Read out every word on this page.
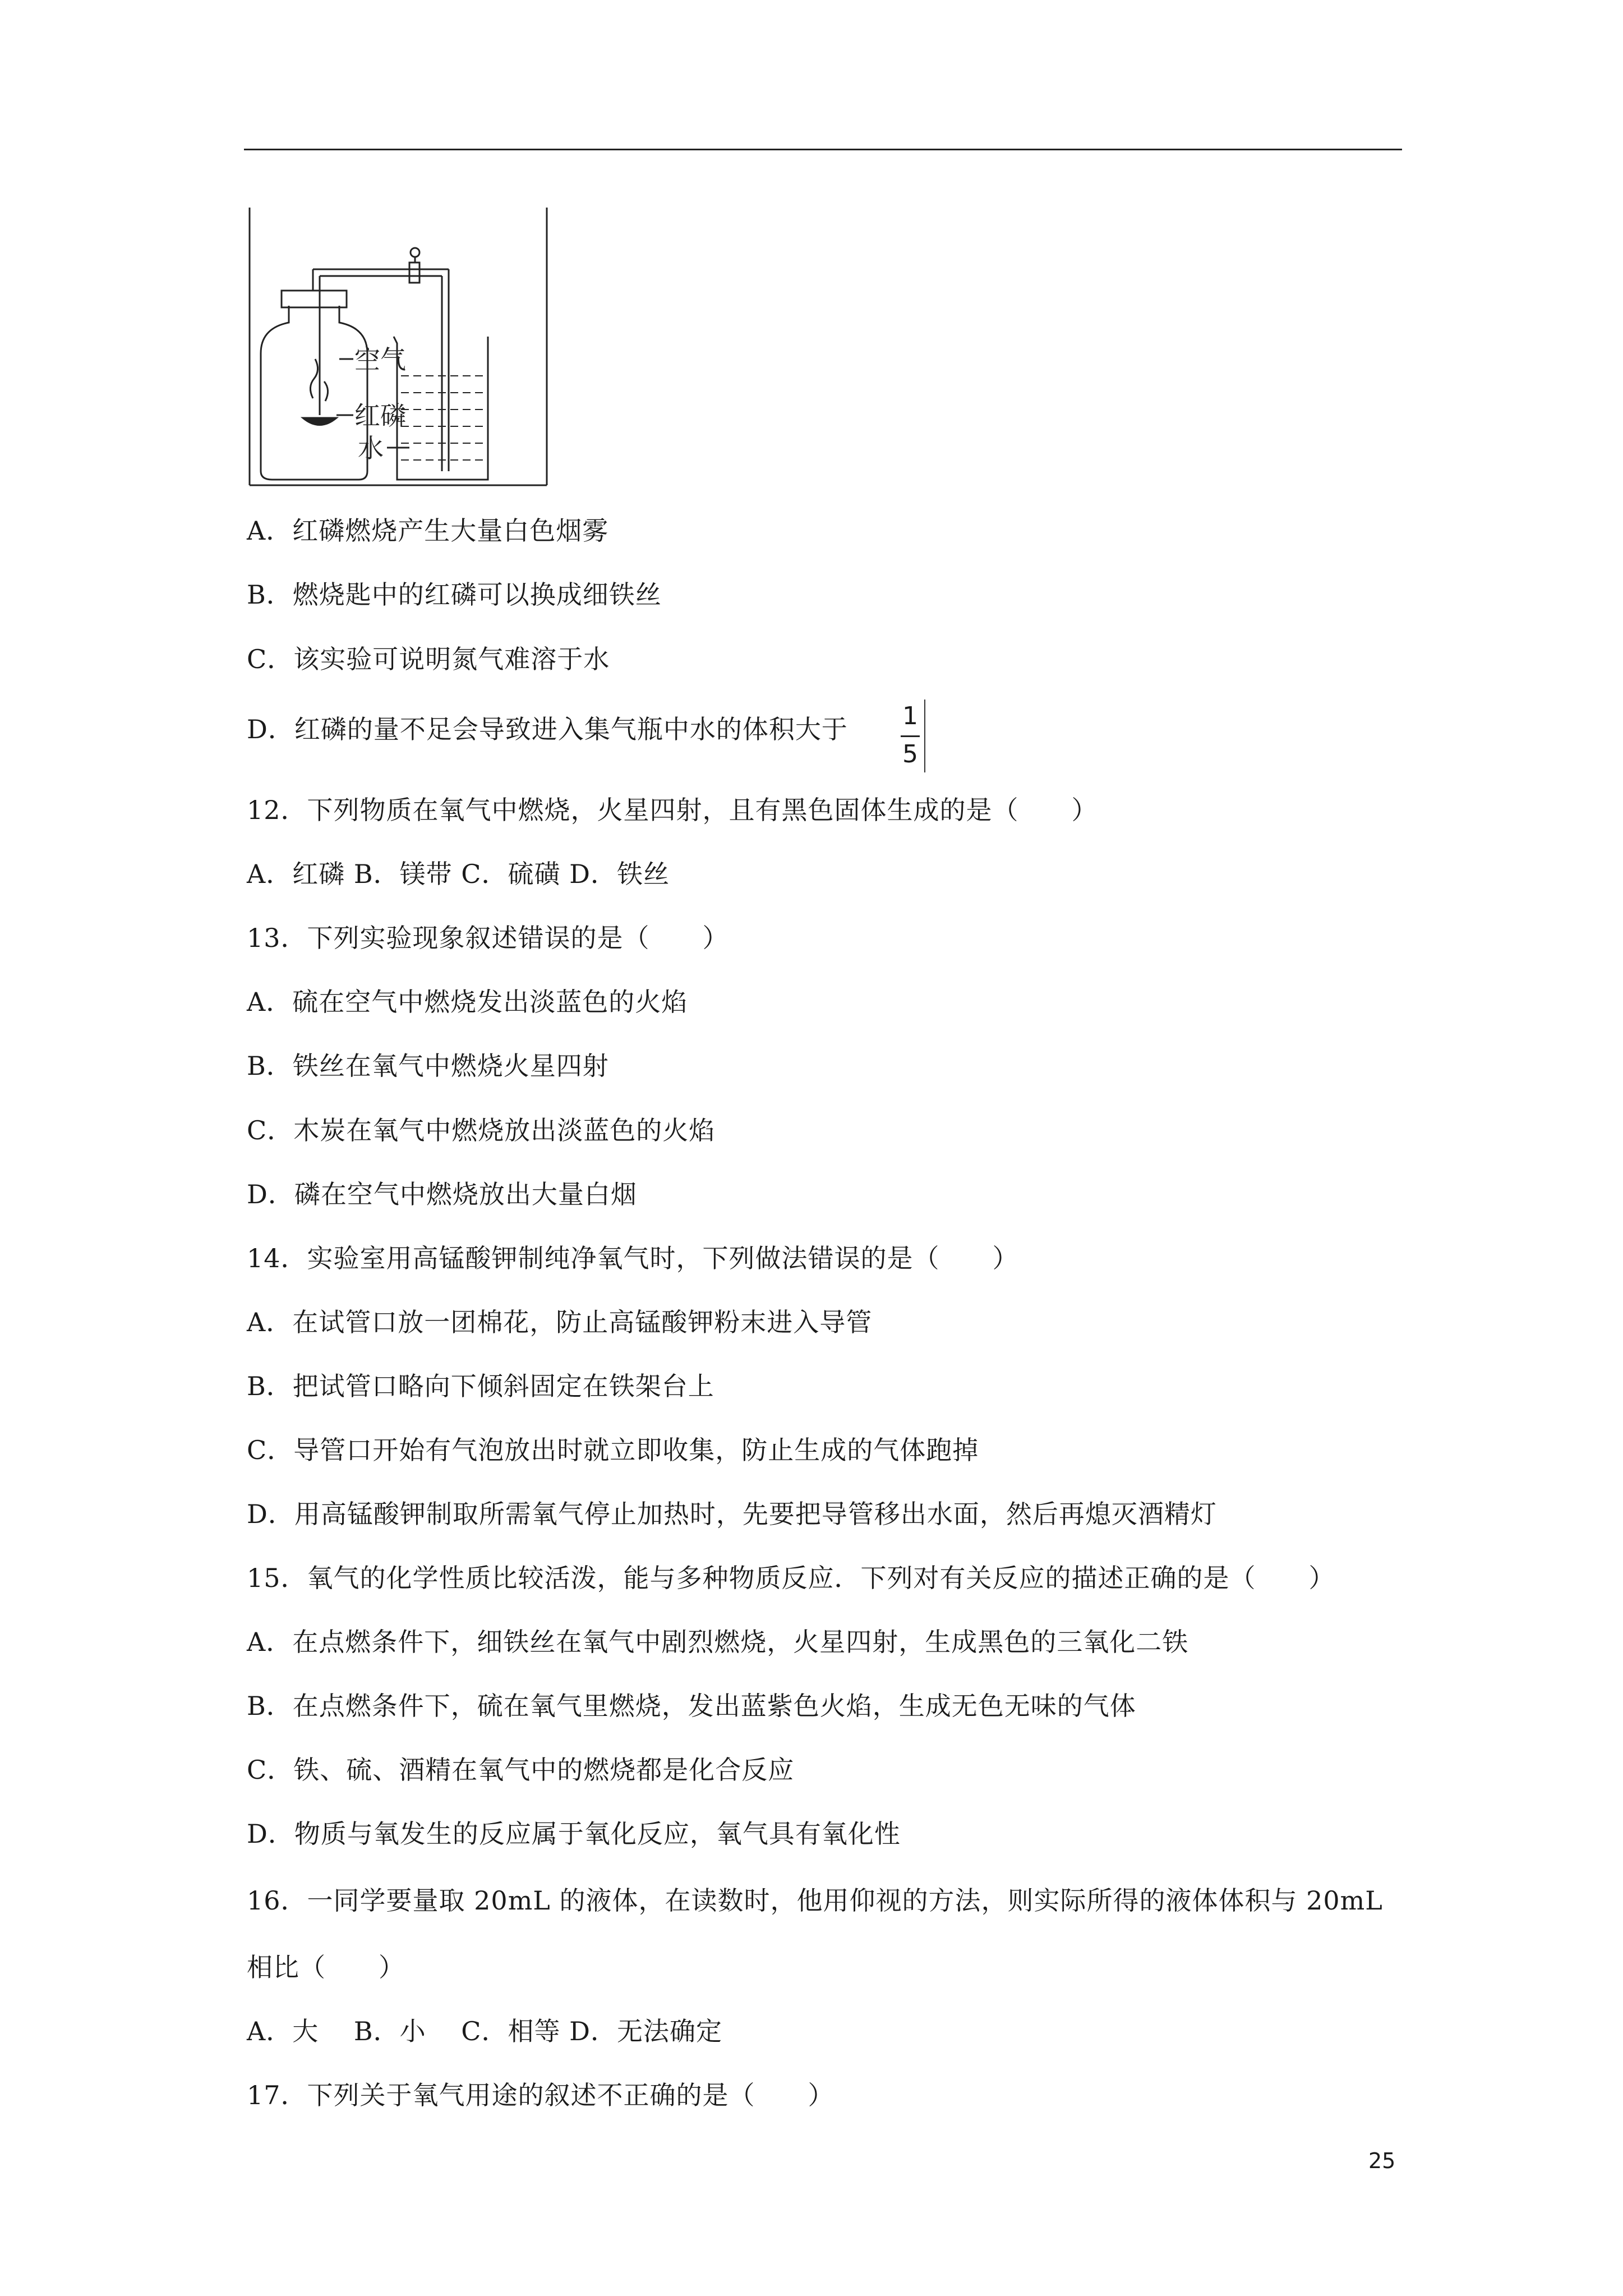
空气
红磷
水
A．红磷燃烧产生大量白色烟雾
B．燃烧匙中的红磷可以换成细铁丝
C．该实验可说明氮气难溶于水
D．红磷的量不足会导致进入集气瓶中水的体积大于 1
5
12．下列物质在氧气中燃烧，火星四射，且有黑色固体生成的是（　　）
A．红磷 B．镁带 C．硫磺 D．铁丝
13．下列实验现象叙述错误的是（　　）
A．硫在空气中燃烧发出淡蓝色的火焰
B．铁丝在氧气中燃烧火星四射
C．木炭在氧气中燃烧放出淡蓝色的火焰
D．磷在空气中燃烧放出大量白烟
14．实验室用高锰酸钾制纯净氧气时，下列做法错误的是（　　）
A．在试管口放一团棉花，防止高锰酸钾粉末进入导管
B．把试管口略向下倾斜固定在铁架台上
C．导管口开始有气泡放出时就立即收集，防止生成的气体跑掉
D．用高锰酸钾制取所需氧气停止加热时，先要把导管移出水面，然后再熄灭酒精灯
15．氧气的化学性质比较活泼，能与多种物质反应．下列对有关反应的描述正确的是（　　）
A．在点燃条件下，细铁丝在氧气中剧烈燃烧，火星四射，生成黑色的三氧化二铁
B．在点燃条件下，硫在氧气里燃烧，发出蓝紫色火焰，生成无色无味的气体
C．铁、硫、酒精在氧气中的燃烧都是化合反应
D．物质与氧发生的反应属于氧化反应，氧气具有氧化性
16．一同学要量取 20mL 的液体，在读数时，他用仰视的方法，则实际所得的液体体积与 20mL
相比（　　）
A．大　 B．小　 C．相等 D．无法确定
17．下列关于氧气用途的叙述不正确的是（　　）
25
